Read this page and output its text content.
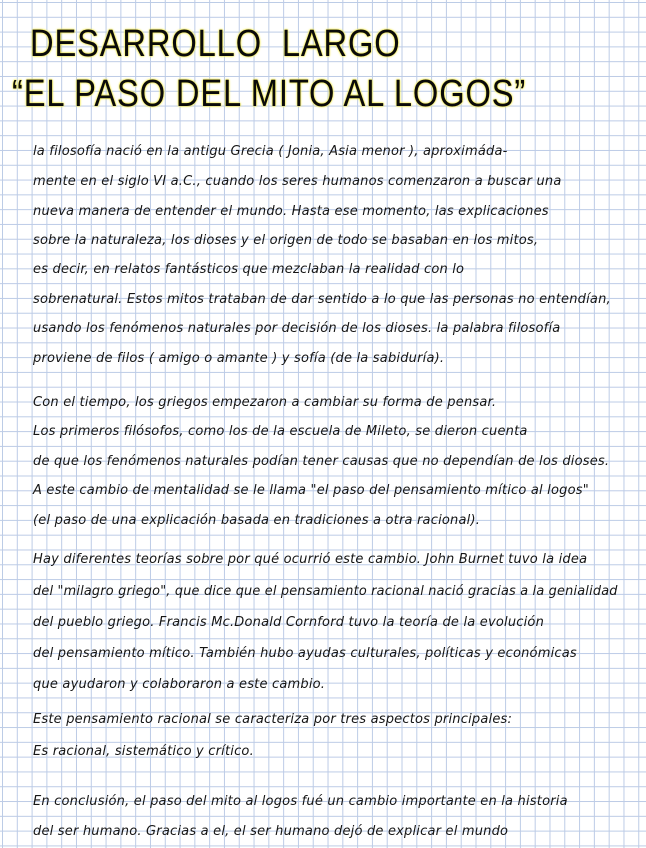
DESARROLLO  LARGO
“EL PASO DEL MITO AL LOGOS”
la filosofía nació en la antigu Grecia ( Jonia, Asia menor ), aproximáda-
mente en el siglo VI a.C., cuando los seres humanos comenzaron a buscar una
nueva manera de entender el mundo. Hasta ese momento, las explicaciones
sobre la naturaleza, los dioses y el origen de todo se basaban en los mitos,
es decir, en relatos fantásticos que mezclaban la realidad con lo
sobrenatural. Estos mitos trataban de dar sentido a lo que las personas no entendían,
usando los fenómenos naturales por decisión de los dioses. la palabra filosofía
proviene de filos ( amigo o amante ) y sofía (de la sabiduría).
Con el tiempo, los griegos empezaron a cambiar su forma de pensar.
Los primeros filósofos, como los de la escuela de Mileto, se dieron cuenta
de que los fenómenos naturales podían tener causas que no dependían de los dioses.
A este cambio de mentalidad se le llama "el paso del pensamiento mítico al logos"
(el paso de una explicación basada en tradiciones a otra racional).
Hay diferentes teorías sobre por qué ocurrió este cambio. John Burnet tuvo la idea
del "milagro griego", que dice que el pensamiento racional nació gracias a la genialidad
del pueblo griego. Francis Mc.Donald Cornford tuvo la teoría de la evolución
del pensamiento mítico. También hubo ayudas culturales, políticas y económicas
que ayudaron y colaboraron a este cambio.
Este pensamiento racional se caracteriza por tres aspectos principales:
Es racional, sistemático y crítico.
En conclusión, el paso del mito al logos fué un cambio importante en la historia
del ser humano. Gracias a el, el ser humano dejó de explicar el mundo
